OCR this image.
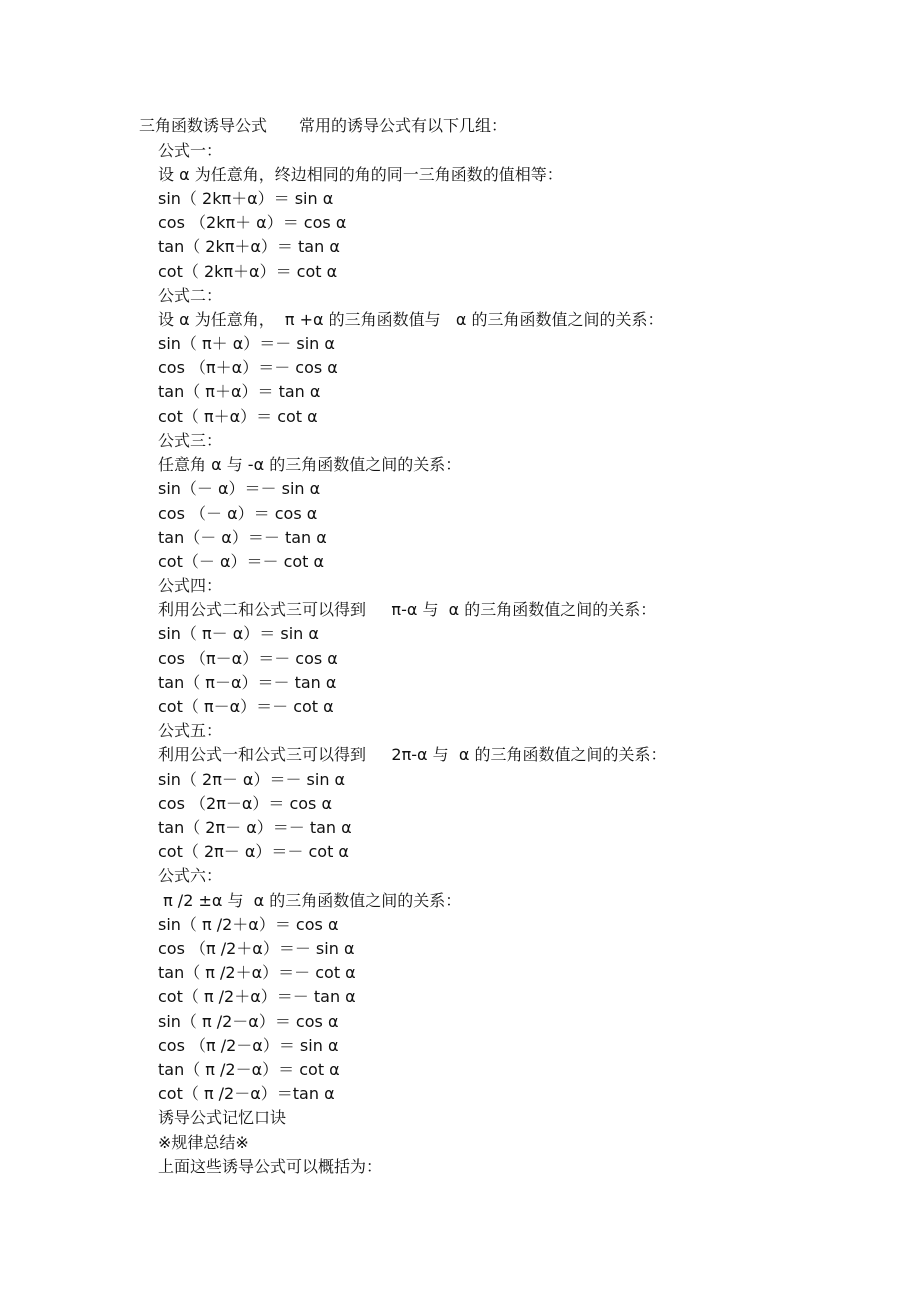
三角函数诱导公式　　常用的诱导公式有以下几组：
公式一：
设 α 为任意角，终边相同的角的同一三角函数的值相等：
sin（ 2kπ＋α）＝ sin α
cos （2kπ＋ α）＝ cos α
tan（ 2kπ＋α）＝ tan α
cot（ 2kπ＋α）＝ cot α
公式二：
设 α 为任意角，  π +α 的三角函数值与   α 的三角函数值之间的关系：
sin（ π＋ α）＝－ sin α
cos （π＋α）＝－ cos α
tan（ π＋α）＝ tan α
cot（ π＋α）＝ cot α
公式三：
任意角 α 与 -α 的三角函数值之间的关系：
sin（－ α）＝－ sin α
cos （－ α）＝ cos α
tan（－ α）＝－ tan α
cot（－ α）＝－ cot α
公式四：
利用公式二和公式三可以得到     π-α 与  α 的三角函数值之间的关系：
sin（ π－ α）＝ sin α
cos （π－α）＝－ cos α
tan（ π－α）＝－ tan α
cot（ π－α）＝－ cot α
公式五：
利用公式一和公式三可以得到     2π-α 与  α 的三角函数值之间的关系：
sin（ 2π－ α）＝－ sin α
cos （2π－α）＝ cos α
tan（ 2π－ α）＝－ tan α
cot（ 2π－ α）＝－ cot α
公式六：
π /2 ±α 与  α 的三角函数值之间的关系：
sin（ π /2＋α）＝ cos α
cos （π /2＋α）＝－ sin α
tan（ π /2＋α）＝－ cot α
cot（ π /2＋α）＝－ tan α
sin（ π /2－α）＝ cos α
cos （π /2－α）＝ sin α
tan（ π /2－α）＝ cot α
cot（ π /2－α）＝tan α
诱导公式记忆口诀
※规律总结※
上面这些诱导公式可以概括为：
